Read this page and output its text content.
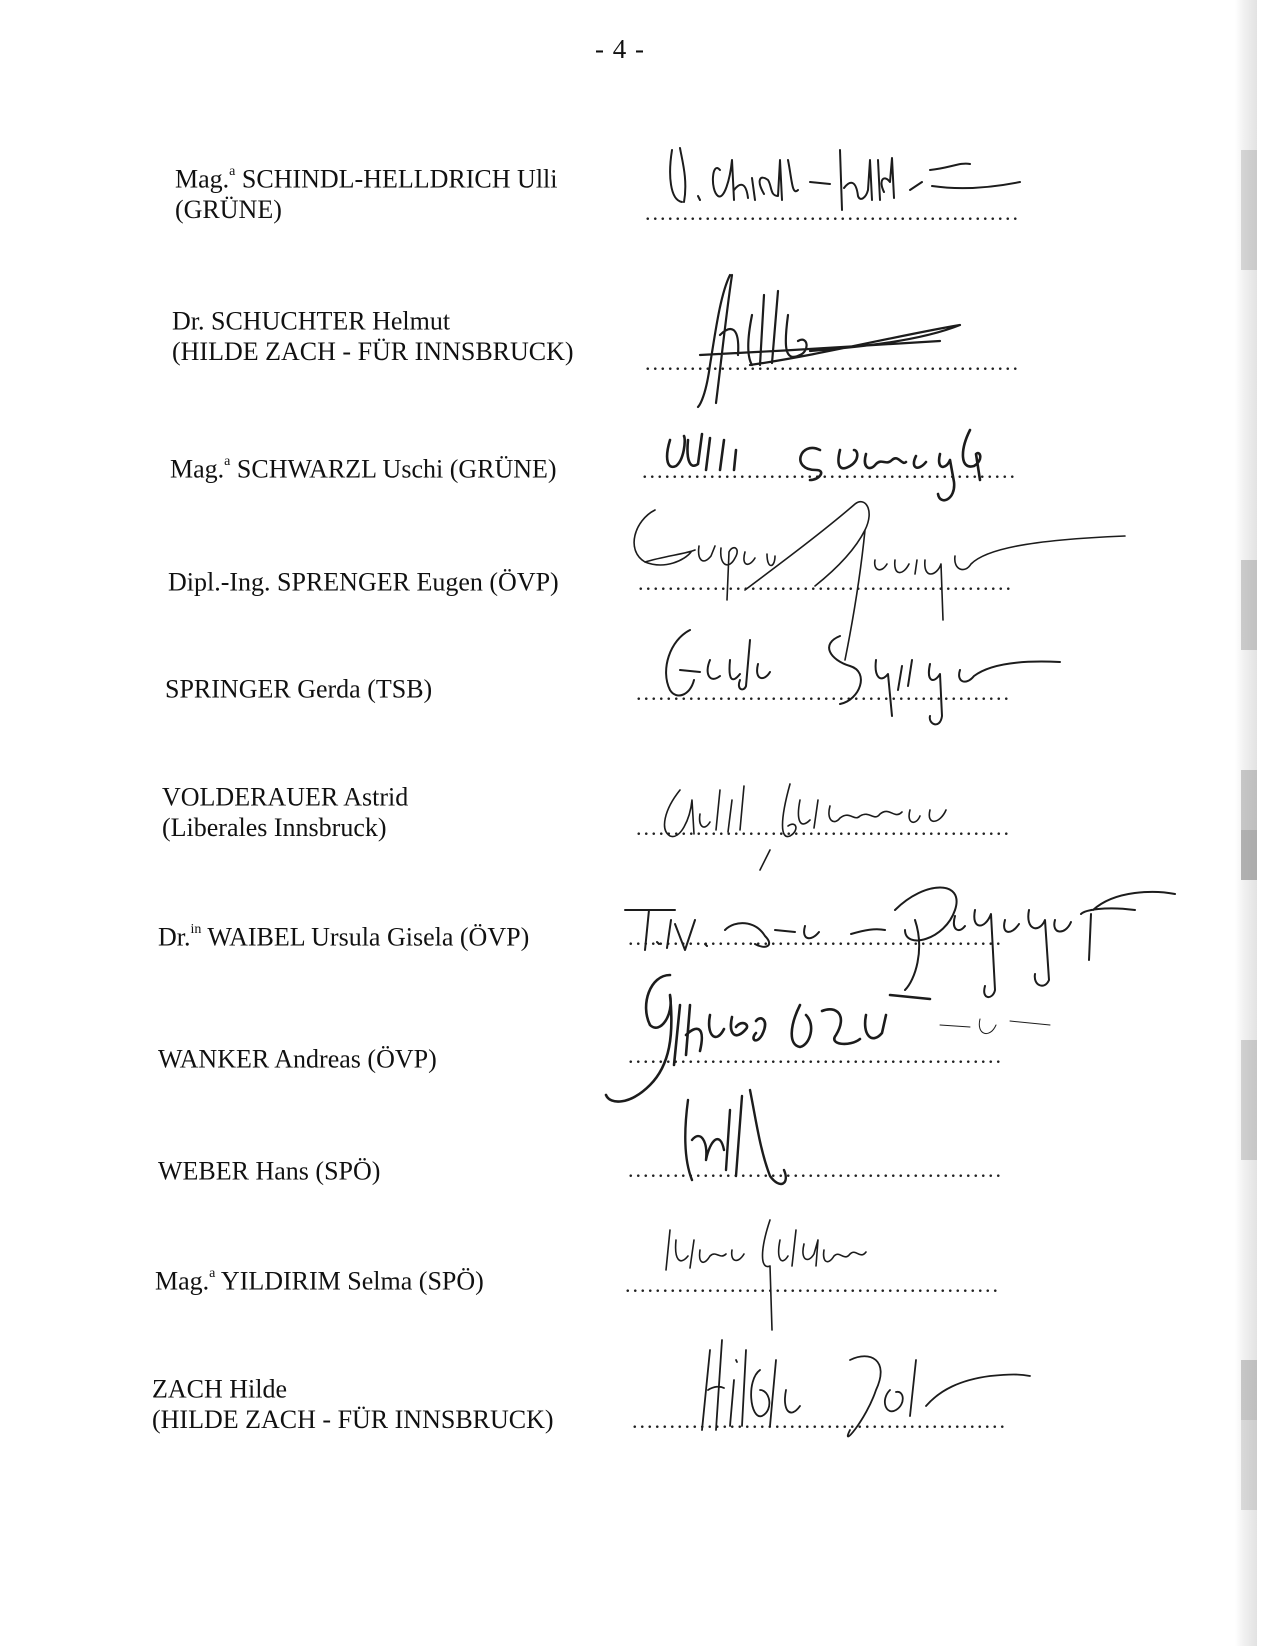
- 4 -
Mag.$^a$ SCHINDL-HELLDRICH Ulli
(GRÜNE)	..................................................
Dr. SCHUCHTER Helmut
(HILDE ZACH - FÜR INNSBRUCK)	..................................................
Mag.$^a$ SCHWARZL Uschi (GRÜNE)	..................................................
Dipl.-Ing. SPRENGER Eugen (ÖVP)	..................................................
SPRINGER Gerda (TSB)	..................................................
VOLDERAUER Astrid
(Liberales Innsbruck)	..................................................
Dr.$^{in}$ WAIBEL Ursula Gisela (ÖVP)	..................................................
WANKER Andreas (ÖVP)	..................................................
WEBER Hans (SPÖ)	..................................................
Mag.$^a$ YILDIRIM Selma (SPÖ)	..................................................
ZACH Hilde
(HILDE ZACH - FÜR INNSBRUCK)	..................................................
